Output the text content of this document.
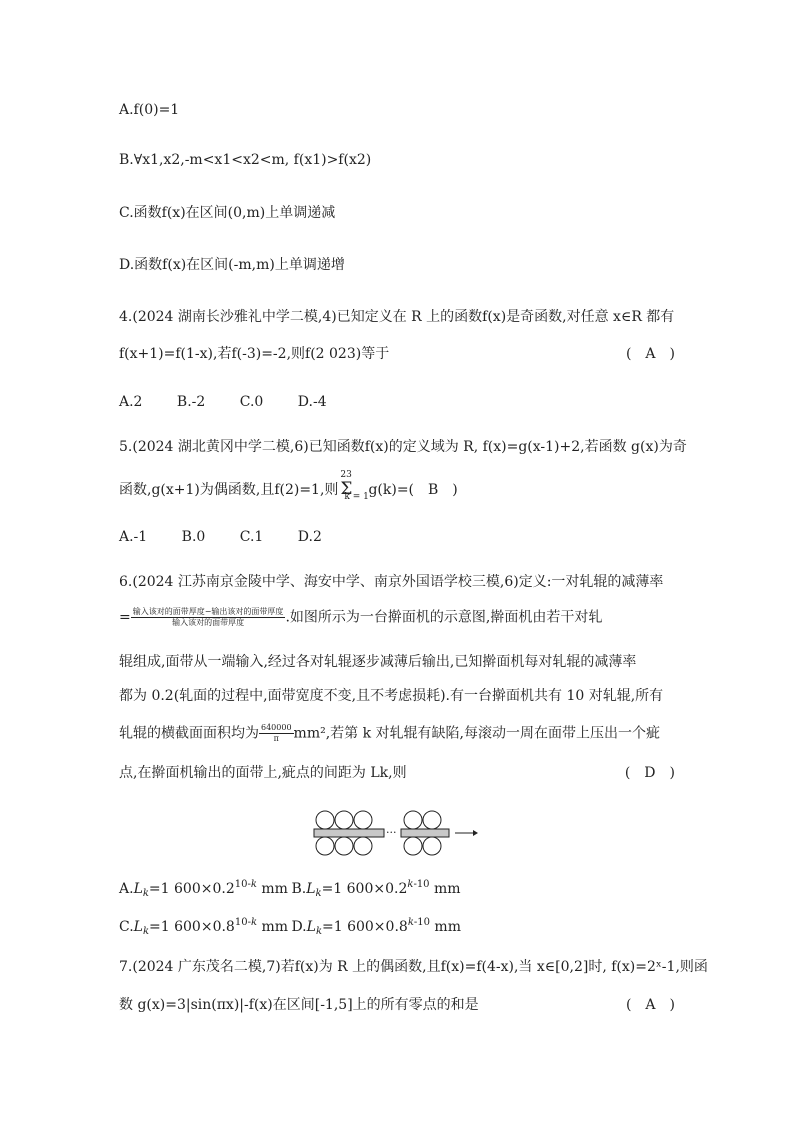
A.f(0)=1
B.∀x1,x2,-m<x1<x2<m, f(x1)>f(x2)
C.函数f(x)在区间(0,m)上单调递减
D.函数f(x)在区间(-m,m)上单调递增
4.(2024 湖南长沙雅礼中学二模,4)已知定义在 R 上的函数f(x)是奇函数,对任意 x∈R 都有
f(x+1)=f(1-x),若f(-3)=-2,则f(2 023)等于	(　A　)
A.2 B.-2 C.0 D.-4
5.(2024 湖北黄冈中学二模,6)已知函数f(x)的定义域为 R, f(x)=g(x-1)+2,若函数 g(x)为奇
函数,g(x+1)为偶函数,且f(2)=1,则 Σ
23
k = 1 g(k)=(　B　)
A.-1 B.0 C.1 D.2
6.(2024 江苏南京金陵中学、海安中学、南京外国语学校三模,6)定义:一对轧辊的减薄率
= $\frac{\text{输入该对的面带厚度−输出该对的面带厚度}}{\text{输入该对的面带厚度}}$ .如图所示为一台擀面机的示意图,擀面机由若干对轧
辊组成,面带从一端输入,经过各对轧辊逐步减薄后输出,已知擀面机每对轧辊的减薄率
都为 0.2(轧面的过程中,面带宽度不变,且不考虑损耗).有一台擀面机共有 10 对轧辊,所有
轧辊的横截面面积均为 $\frac{640000}{\pi} mm^2$,若第 k 对轧辊有缺陷,每滚动一周在面带上压出一个疵
点,在擀面机输出的面带上,疵点的间距为 Lk,则	(　D　)
···
$A.L_k=1$ $600\times 0.2^{10-k}$ mm $B.L_k=1$ $600\times 0.2^{k-10}$ mm
$C.L_k=1$ $600\times 0.8^{10-k}$ mm $D.L_k=1$ $600\times 0.8^{k-10}$ mm
7.(2024 广东茂名二模,7)若f(x)为 R 上的偶函数,且f(x)=f(4-x),当 x∈[0,2]时, f(x)=2ˣ-1,则函
数 g(x)=3|sin(πx)|-f(x)在区间[-1,5]上的所有零点的和是	(　A　)
